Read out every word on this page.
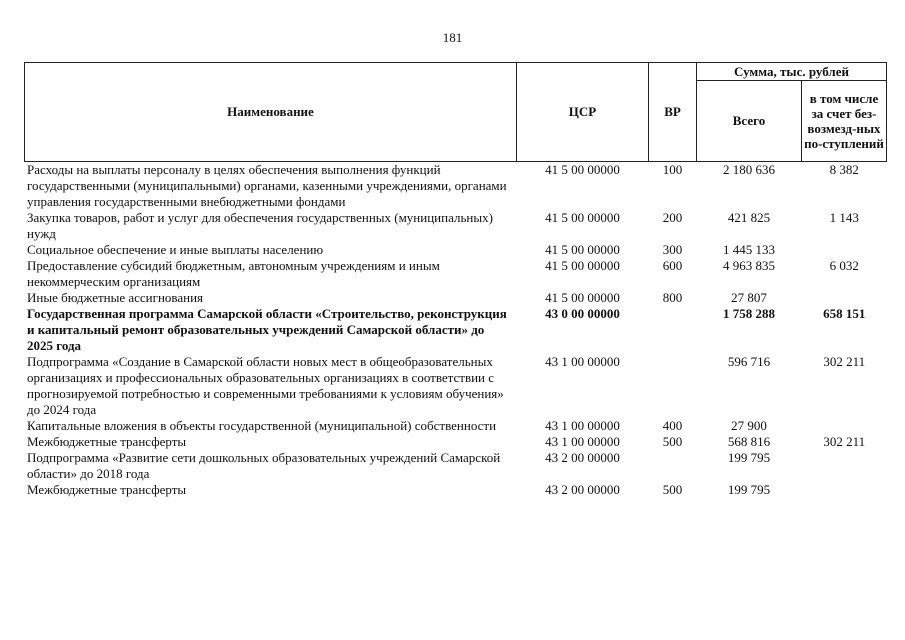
181
Наименование	ЦСР	ВР	Сумма, тыс. рублей	
			Всего	в том числе за счет без-возмезд-ных по-ступлений
Расходы на выплаты персоналу в целях обеспечения выполнения функций государственными (муниципальными) органами, казенными учреждениями, органами управления государственными внебюджетными фондами	41 5 00 00000	100	2 180 636	8 382
Закупка товаров, работ и услуг для обеспечения государственных (муниципальных) нужд	41 5 00 00000	200	421 825	1 143
Социальное обеспечение и иные выплаты населению	41 5 00 00000	300	1 445 133	
Предоставление субсидий бюджетным, автономным учреждениям и иным некоммерческим организациям	41 5 00 00000	600	4 963 835	6 032
Иные бюджетные ассигнования	41 5 00 00000	800	27 807	
Государственная программа Самарской области «Строительство, реконструкция и капитальный ремонт образовательных учреждений Самарской области» до 2025 года	43 0 00 00000		1 758 288	658 151
Подпрограмма «Создание в Самарской области новых мест в общеобразовательных организациях и профессиональных образовательных организациях в соответствии с прогнозируемой потребностью и современными требованиями к условиям обучения» до 2024 года	43 1 00 00000		596 716	302 211
Капитальные вложения в объекты государственной (муниципальной) собственности	43 1 00 00000	400	27 900	
Межбюджетные трансферты	43 1 00 00000	500	568 816	302 211
Подпрограмма «Развитие сети дошкольных образовательных учреждений Самарской области» до 2018 года	43 2 00 00000		199 795	
Межбюджетные трансферты	43 2 00 00000	500	199 795	
